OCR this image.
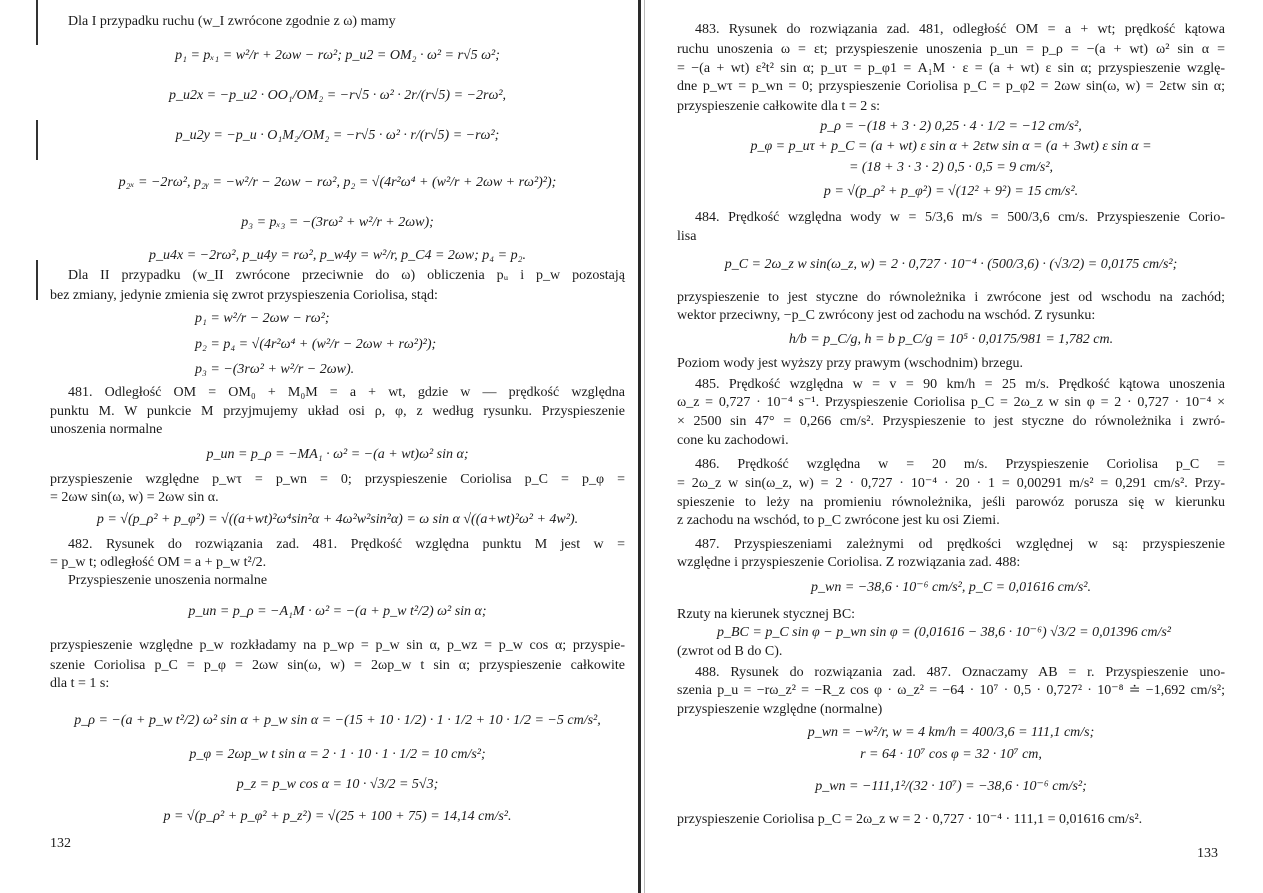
132
Dla I przypadku ruchu (w_I zwrócone zgodnie z ω) mamy
p₁ = pₓ₁ = w²/r + 2ωw − rω²; p_u2 = OM₂ · ω² = r√5 ω²;
p_u2x = −p_u2 · OO₁/OM₂ = −r√5 · ω² · 2r/(r√5) = −2rω²,
p_u2y = −p_u · O₁M₂/OM₂ = −r√5 · ω² · r/(r√5) = −rω²;
p₂ₓ = −2rω², p₂ᵧ = −w²/r − 2ωw − rω², p₂ = √(4r²ω⁴ + (w²/r + 2ωw + rω²)²);
p₃ = pₓ₃ = −(3rω² + w²/r + 2ωw);
p_u4x = −2rω², p_u4y = rω², p_w4y = w²/r, p_C4 = 2ωw; p₄ = p₂.
Dla II przypadku (w_II zwrócone przeciwnie do ω) obliczenia pᵤ i p_w pozostają
bez zmiany, jedynie zmienia się zwrot przyspieszenia Coriolisa, stąd:
p₁ = w²/r − 2ωw − rω²;
p₂ = p₄ = √(4r²ω⁴ + (w²/r − 2ωw + rω²)²);
p₃ = −(3rω² + w²/r − 2ωw).
481. Odległość OM = OM₀ + M₀M = a + wt, gdzie w — prędkość względna
punktu M. W punkcie M przyjmujemy układ osi ρ, φ, z według rysunku. Przyspieszenie
unoszenia normalne
p_un = p_ρ = −MA₁ · ω² = −(a + wt)ω² sin α;
przyspieszenie względne p_wτ = p_wn = 0; przyspieszenie Coriolisa p_C = p_φ =
= 2ωw sin(ω, w) = 2ωw sin α.
p = √(p_ρ² + p_φ²) = √((a+wt)²ω⁴sin²α + 4ω²w²sin²α) = ω sin α √((a+wt)²ω² + 4w²).
482. Rysunek do rozwiązania zad. 481. Prędkość względna punktu M jest w =
= p_w t; odległość OM = a + p_w t²/2.
Przyspieszenie unoszenia normalne
p_un = p_ρ = −A₁M · ω² = −(a + p_w t²/2) ω² sin α;
przyspieszenie względne p_w rozkładamy na p_wρ = p_w sin α, p_wz = p_w cos α; przyspie-
szenie Coriolisa p_C = p_φ = 2ωw sin(ω, w) = 2ωp_w t sin α; przyspieszenie całkowite
dla t = 1 s:
p_ρ = −(a + p_w t²/2) ω² sin α + p_w sin α = −(15 + 10 · 1/2) · 1 · 1/2 + 10 · 1/2 = −5 cm/s²,
p_φ = 2ωp_w t sin α = 2 · 1 · 10 · 1 · 1/2 = 10 cm/s²;
p_z = p_w cos α = 10 · √3/2 = 5√3;
p = √(p_ρ² + p_φ² + p_z²) = √(25 + 100 + 75) = 14,14 cm/s².
133
483. Rysunek do rozwiązania zad. 481, odległość OM = a + wt; prędkość kątowa
ruchu unoszenia ω = εt; przyspieszenie unoszenia p_un = p_ρ = −(a + wt) ω² sin α =
= −(a + wt) ε²t² sin α; p_uτ = p_φ1 = A₁M · ε = (a + wt) ε sin α; przyspieszenie wzglę-
dne p_wτ = p_wn = 0; przyspieszenie Coriolisa p_C = p_φ2 = 2ωw sin(ω, w) = 2εtw sin α;
przyspieszenie całkowite dla t = 2 s:
p_ρ = −(18 + 3 · 2) 0,25 · 4 · 1/2 = −12 cm/s²,
p_φ = p_uτ + p_C = (a + wt) ε sin α + 2εtw sin α = (a + 3wt) ε sin α =
= (18 + 3 · 3 · 2) 0,5 · 0,5 = 9 cm/s²,
p = √(p_ρ² + p_φ²) = √(12² + 9²) = 15 cm/s².
484. Prędkość względna wody w = 5/3,6 m/s = 500/3,6 cm/s. Przyspieszenie Corio-
lisa
p_C = 2ω_z w sin(ω_z, w) = 2 · 0,727 · 10⁻⁴ · (500/3,6) · (√3/2) = 0,0175 cm/s²;
przyspieszenie to jest styczne do równoleżnika i zwrócone jest od wschodu na zachód;
wektor przeciwny, −p_C zwrócony jest od zachodu na wschód. Z rysunku:
h/b = p_C/g, h = b p_C/g = 10⁵ · 0,0175/981 = 1,782 cm.
Poziom wody jest wyższy przy prawym (wschodnim) brzegu.
485. Prędkość względna w = v = 90 km/h = 25 m/s. Prędkość kątowa unoszenia
ω_z = 0,727 · 10⁻⁴ s⁻¹. Przyspieszenie Coriolisa p_C = 2ω_z w sin φ = 2 · 0,727 · 10⁻⁴ ×
× 2500 sin 47° = 0,266 cm/s². Przyspieszenie to jest styczne do równoleżnika i zwró-
cone ku zachodowi.
486. Prędkość względna w = 20 m/s. Przyspieszenie Coriolisa p_C =
= 2ω_z w sin(ω_z, w) = 2 · 0,727 · 10⁻⁴ · 20 · 1 = 0,00291 m/s² = 0,291 cm/s². Przy-
spieszenie to leży na promieniu równoleżnika, jeśli parowóz porusza się w kierunku
z zachodu na wschód, to p_C zwrócone jest ku osi Ziemi.
487. Przyspieszeniami zależnymi od prędkości względnej w są: przyspieszenie
względne i przyspieszenie Coriolisa. Z rozwiązania zad. 488:
p_wn = −38,6 · 10⁻⁶ cm/s², p_C = 0,01616 cm/s².
Rzuty na kierunek stycznej BC:
p_BC = p_C sin φ − p_wn sin φ = (0,01616 − 38,6 · 10⁻⁶) √3/2 = 0,01396 cm/s²
(zwrot od B do C).
488. Rysunek do rozwiązania zad. 487. Oznaczamy AB = r. Przyspieszenie uno-
szenia p_u = −rω_z² = −R_z cos φ · ω_z² = −64 · 10⁷ · 0,5 · 0,727² · 10⁻⁸ ≐ −1,692 cm/s²;
przyspieszenie względne (normalne)
p_wn = −w²/r, w = 4 km/h = 400/3,6 = 111,1 cm/s;
r = 64 · 10⁷ cos φ = 32 · 10⁷ cm,
p_wn = −111,1²/(32 · 10⁷) = −38,6 · 10⁻⁶ cm/s²;
przyspieszenie Coriolisa p_C = 2ω_z w = 2 · 0,727 · 10⁻⁴ · 111,1 = 0,01616 cm/s².
